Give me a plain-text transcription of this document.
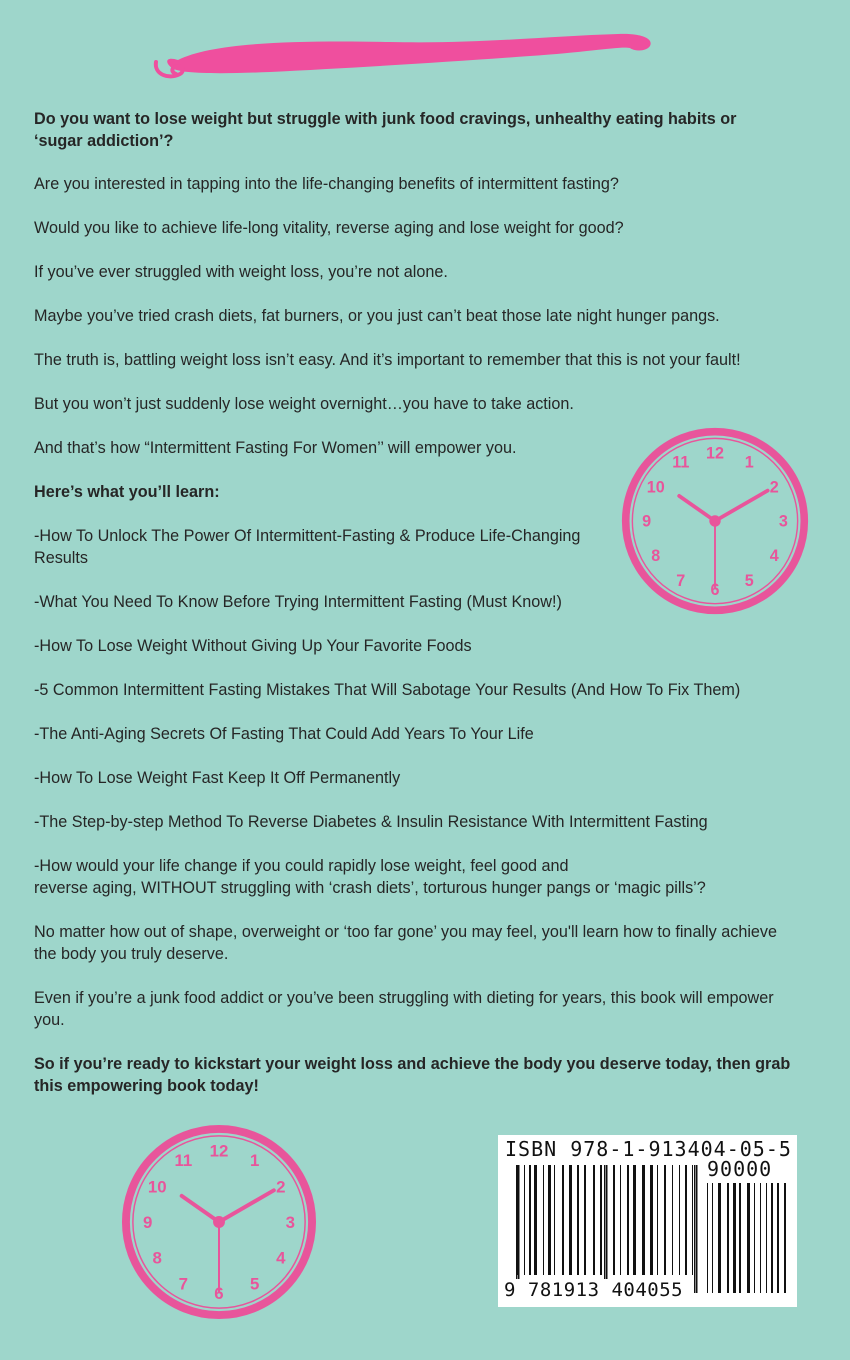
Do you want to lose weight but struggle with junk food cravings, unhealthy eating habits or ‘sugar addiction’?

Are you interested in tapping into the life-changing benefits of intermittent fasting?

Would you like to achieve life-long vitality, reverse aging and lose weight for good?

If you’ve ever struggled with weight loss, you’re not alone.

Maybe you’ve tried crash diets, fat burners, or you just can’t beat those late night hunger pangs.

The truth is, battling weight loss isn’t easy. And it’s important to remember that this is not your fault!

But you won’t just suddenly lose weight overnight…you have to take action.

And that’s how “Intermittent Fasting For Women’’ will empower you.

Here’s what you’ll learn:

-How To Unlock The Power Of Intermittent-Fasting & Produce Life-Changing Results

-What You Need To Know Before Trying Intermittent Fasting (Must Know!)

-How To Lose Weight Without Giving Up Your Favorite Foods

-5 Common Intermittent Fasting Mistakes That Will Sabotage Your Results (And How To Fix Them)

-The Anti-Aging Secrets Of Fasting That Could Add Years To Your Life

-How To Lose Weight Fast Keep It Off Permanently

-The Step-by-step Method To Reverse Diabetes & Insulin Resistance With Intermittent Fasting

-How would your life change if you could rapidly lose weight, feel good and

reverse aging, WITHOUT struggling with ‘crash diets’, torturous hunger pangs or ‘magic pills’?

No matter how out of shape, overweight or ‘too far gone’ you may feel, you'll learn how to finally achieve the body you truly deserve.

Even if you’re a junk food addict or you’ve been struggling with dieting for years, this book will empower you.

So if you’re ready to kickstart your weight loss and achieve the body you deserve today, then grab this empowering book today!

12
1
2
3
4
5
6
7
8
9
10
11
12
1
2
3
4
5
6
7
8
9
10
11	ISBN 978-1-913404-05-5
90000
9 781913 404055
